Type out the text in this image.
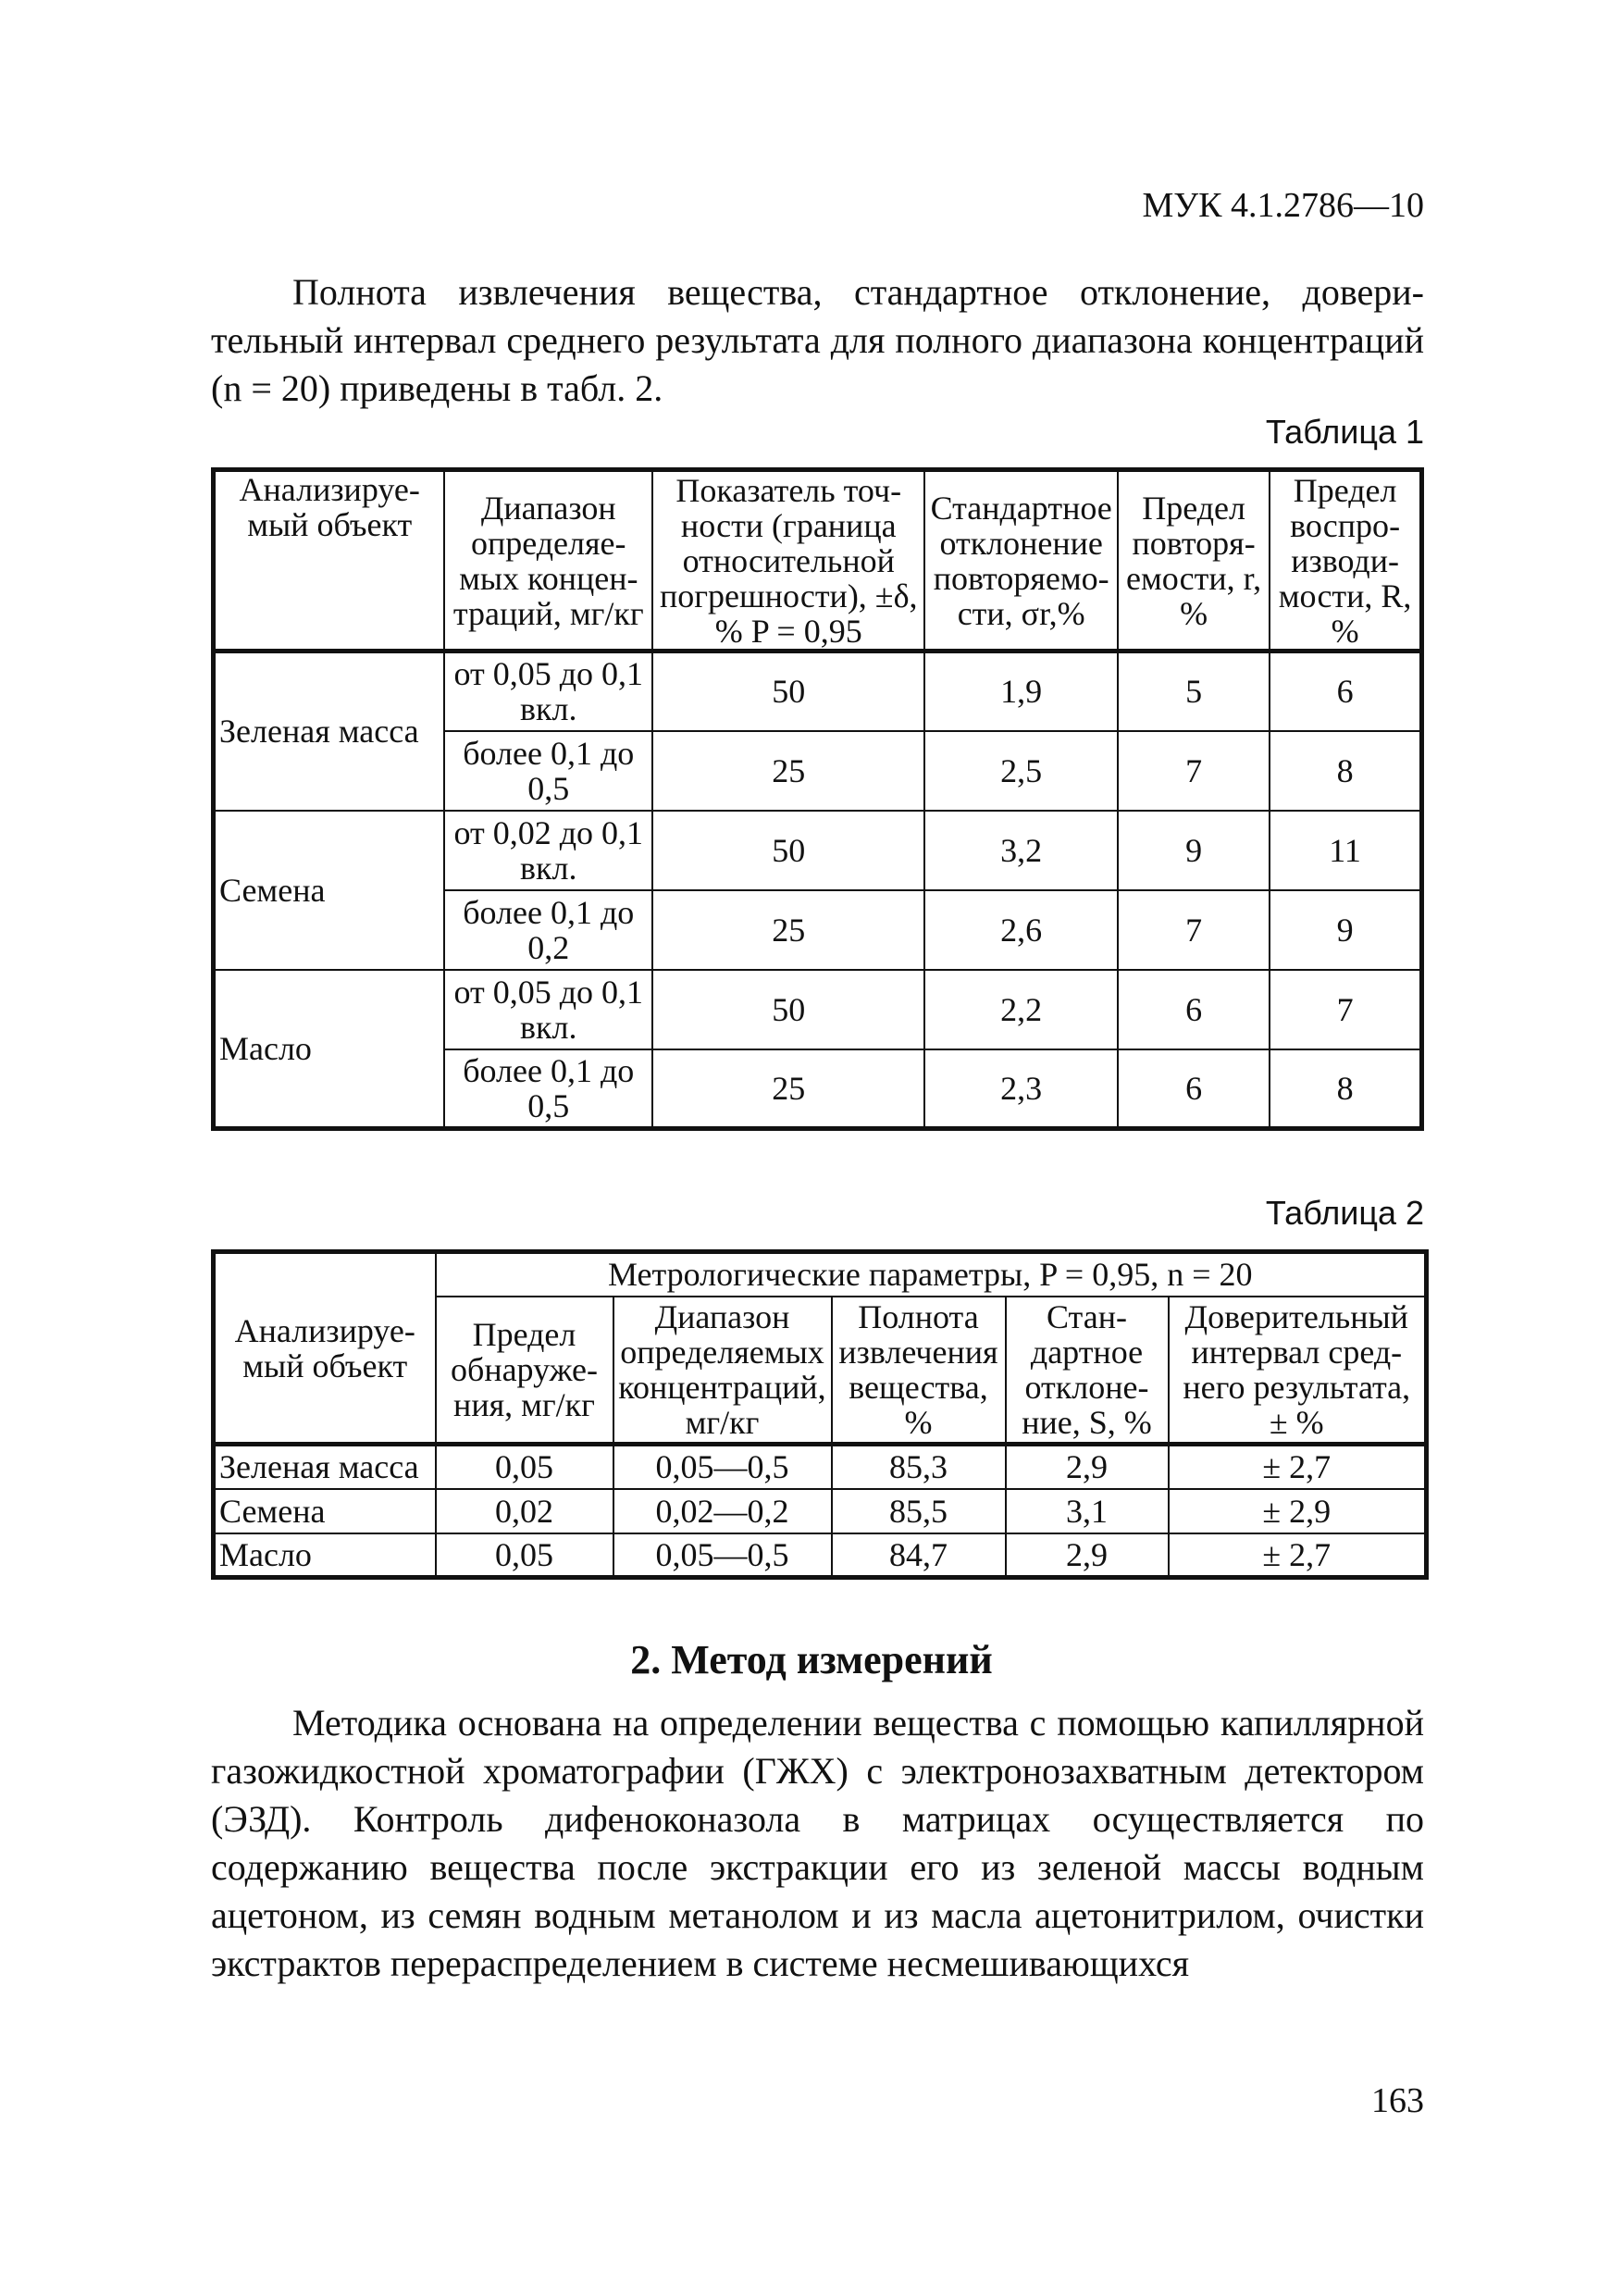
МУК 4.1.2786—10

Полнота извлечения вещества, стандартное отклонение, доверительный интервал среднего результата для полного диапазона концентраций (n = 20) приведены в табл. 2.

Таблица 1
Анализируемый объект	Диапазон определяемых концентраций, мг/кг	Показатель точности (граница относительной погрешности), ±δ, % P = 0,95	Стандартное отклонение повторяемости, σr,%	Предел повторяемости, r, %	Предел воспроизводимости, R, %
Зеленая масса	от 0,05 до 0,1 вкл.	50	1,9	5	6
	более 0,1 до 0,5	25	2,5	7	8
Семена	от 0,02 до 0,1 вкл.	50	3,2	9	11
	более 0,1 до 0,2	25	2,6	7	9
Масло	от 0,05 до 0,1 вкл.	50	2,2	6	7
	более 0,1 до 0,5	25	2,3	6	8
Таблица 2
Анализируемый объект	Метрологические параметры, P = 0,95, n = 20				
	Предел обнаружения, мг/кг	Диапазон определяемых концентраций, мг/кг	Полнота извлечения вещества, %	Стандартное отклонение, S, %	Доверительный интервал среднего результата, ± %
Зеленая масса	0,05	0,05—0,5	85,3	2,9	± 2,7
Семена	0,02	0,02—0,2	85,5	3,1	± 2,9
Масло	0,05	0,05—0,5	84,7	2,9	± 2,7
2. Метод измерений

Методика основана на определении вещества с помощью капиллярной газожидкостной хроматографии (ГЖХ) с электронозахватным детектором (ЭЗД). Контроль дифеноконазола в матрицах осуществляется по содержанию вещества после экстракции его из зеленой массы водным ацетоном, из семян водным метанолом и из масла ацетонитрилом, очистки экстрактов перераспределением в системе несмешивающихся

163
